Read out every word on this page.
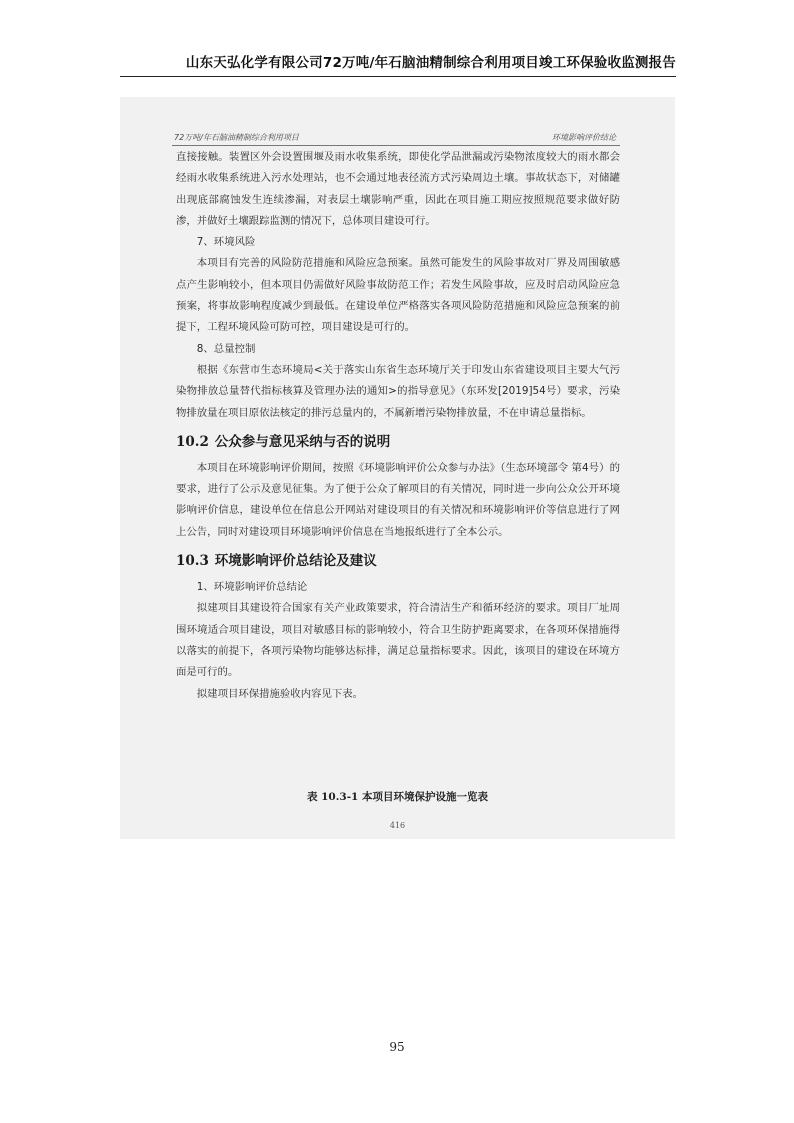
山东天弘化学有限公司72万吨/年石脑油精制综合利用项目竣工环保验收监测报告
72万吨/年石脑油精制综合利用项目	环境影响评价结论

直接接触。装置区外会设置围堰及雨水收集系统，即使化学品泄漏或污染物浓度较大的雨水都会经雨水收集系统进入污水处理站，也不会通过地表径流方式污染周边土壤。事故状态下，对储罐出现底部腐蚀发生连续渗漏，对表层土壤影响严重，因此在项目施工期应按照规范要求做好防渗，并做好土壤跟踪监测的情况下，总体项目建设可行。

7、环境风险

本项目有完善的风险防范措施和风险应急预案。虽然可能发生的风险事故对厂界及周围敏感点产生影响较小，但本项目仍需做好风险事故防范工作；若发生风险事故，应及时启动风险应急预案，将事故影响程度减少到最低。在建设单位严格落实各项风险防范措施和风险应急预案的前提下，工程环境风险可防可控，项目建设是可行的。

8、总量控制

根据《东营市生态环境局<关于落实山东省生态环境厅关于印发山东省建设项目主要大气污染物排放总量替代指标核算及管理办法的通知>的指导意见》（东环发[2019]54号）要求，污染物排放量在项目原依法核定的排污总量内的，不属新增污染物排放量，不在申请总量指标。

10.2 公众参与意见采纳与否的说明

本项目在环境影响评价期间，按照《环境影响评价公众参与办法》（生态环境部令 第4号）的要求，进行了公示及意见征集。为了便于公众了解项目的有关情况，同时进一步向公众公开环境影响评价信息，建设单位在信息公开网站对建设项目的有关情况和环境影响评价等信息进行了网上公告，同时对建设项目环境影响评价信息在当地报纸进行了全本公示。

10.3 环境影响评价总结论及建议

1、环境影响评价总结论

拟建项目其建设符合国家有关产业政策要求，符合清洁生产和循环经济的要求。项目厂址周围环境适合项目建设，项目对敏感目标的影响较小，符合卫生防护距离要求，在各项环保措施得以落实的前提下，各项污染物均能够达标排，满足总量指标要求。因此，该项目的建设在环境方面是可行的。

拟建项目环保措施验收内容见下表。

表 10.3-1 本项目环境保护设施一览表
416
95
